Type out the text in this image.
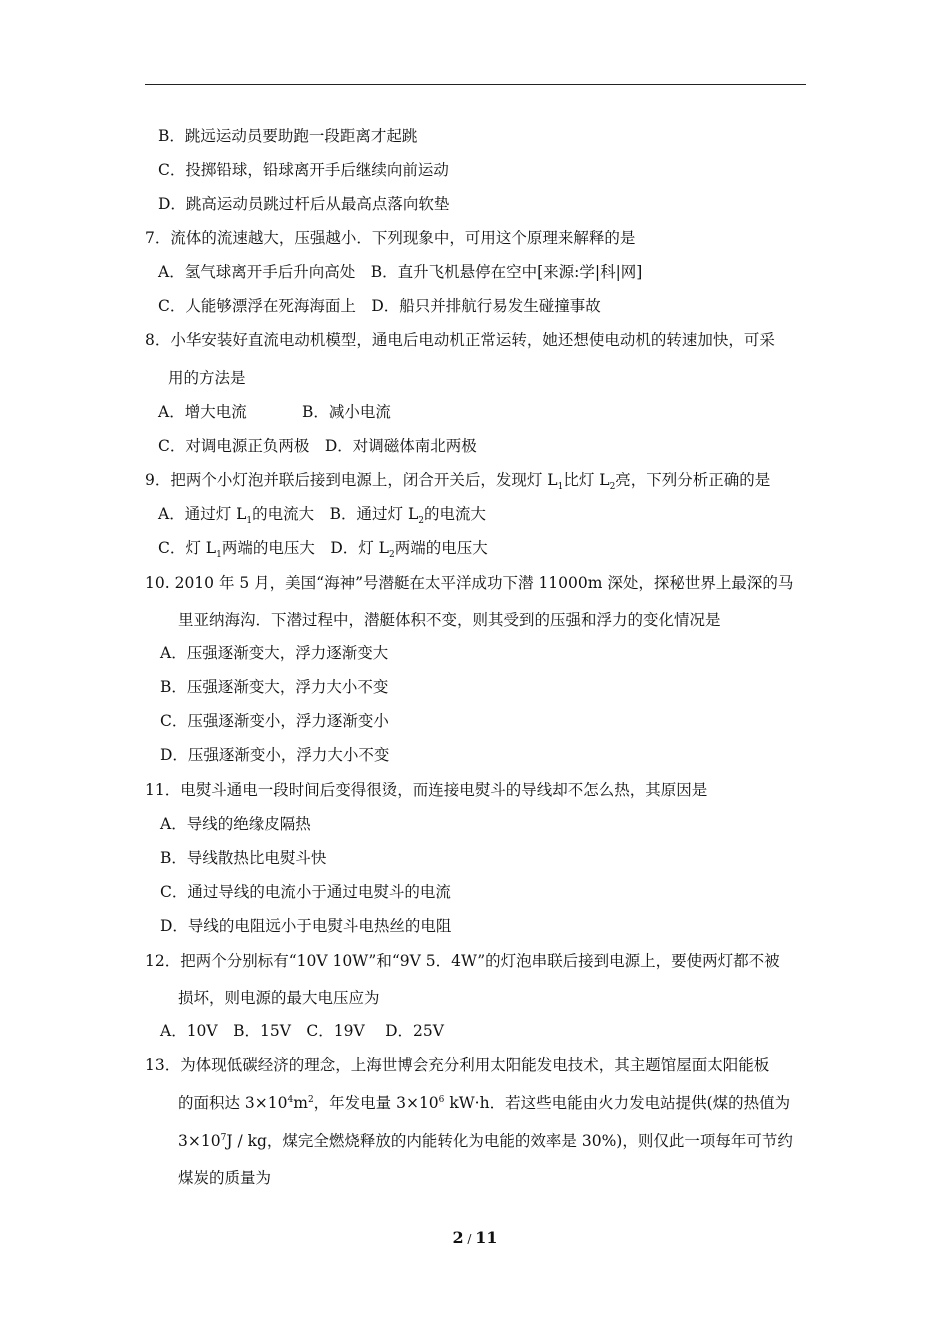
B．跳远运动员要助跑一段距离才起跳
C．投掷铅球，铅球离开手后继续向前运动
D．跳高运动员跳过杆后从最高点落向软垫
7．流体的流速越大，压强越小．下列现象中，可用这个原理来解释的是
A．氢气球离开手后升向高处　B．直升飞机悬停在空中[来源:学|科|网]
C．人能够漂浮在死海海面上　D．船只并排航行易发生碰撞事故
8．小华安装好直流电动机模型，通电后电动机正常运转，她还想使电动机的转速加快，可采
用的方法是
A．增大电流	B．减小电流
C．对调电源正负两极　D．对调磁体南北两极
9．把两个小灯泡并联后接到电源上，闭合开关后，发现灯 $L_1$比灯 $L_2$亮，下列分析正确的是
A．通过灯 $L_1$的电流大　B．通过灯 $L_2$的电流大
C．灯 $L_1$两端的电压大　D．灯 $L_2$两端的电压大
10. 2010 年 5 月，美国“海神”号潜艇在太平洋成功下潜 11000m 深处，探秘世界上最深的马
里亚纳海沟．下潜过程中，潜艇体积不变，则其受到的压强和浮力的变化情况是
A．压强逐渐变大，浮力逐渐变大
B．压强逐渐变大，浮力大小不变
C．压强逐渐变小，浮力逐渐变小
D．压强逐渐变小，浮力大小不变
11．电熨斗通电一段时间后变得很烫，而连接电熨斗的导线却不怎么热，其原因是
A．导线的绝缘皮隔热
B．导线散热比电熨斗快
C．通过导线的电流小于通过电熨斗的电流
D．导线的电阻远小于电熨斗电热丝的电阻
12．把两个分别标有“10V 10W”和“9V 5．4W”的灯泡串联后接到电源上，要使两灯都不被
损坏，则电源的最大电压应为
A．10V　B．15V　C．19V　 D．25V
13．为体现低碳经济的理念，上海世博会充分利用太阳能发电技术，其主题馆屋面太阳能板
的面积达 $3\times 10^4m^2$，年发电量 $3\times 10^6$ kW·h．若这些电能由火力发电站提供(煤的热值为
$3\times 10^7J$ / kg，煤完全燃烧释放的内能转化为电能的效率是 30%)，则仅此一项每年可节约
煤炭的质量为
2 / 11
